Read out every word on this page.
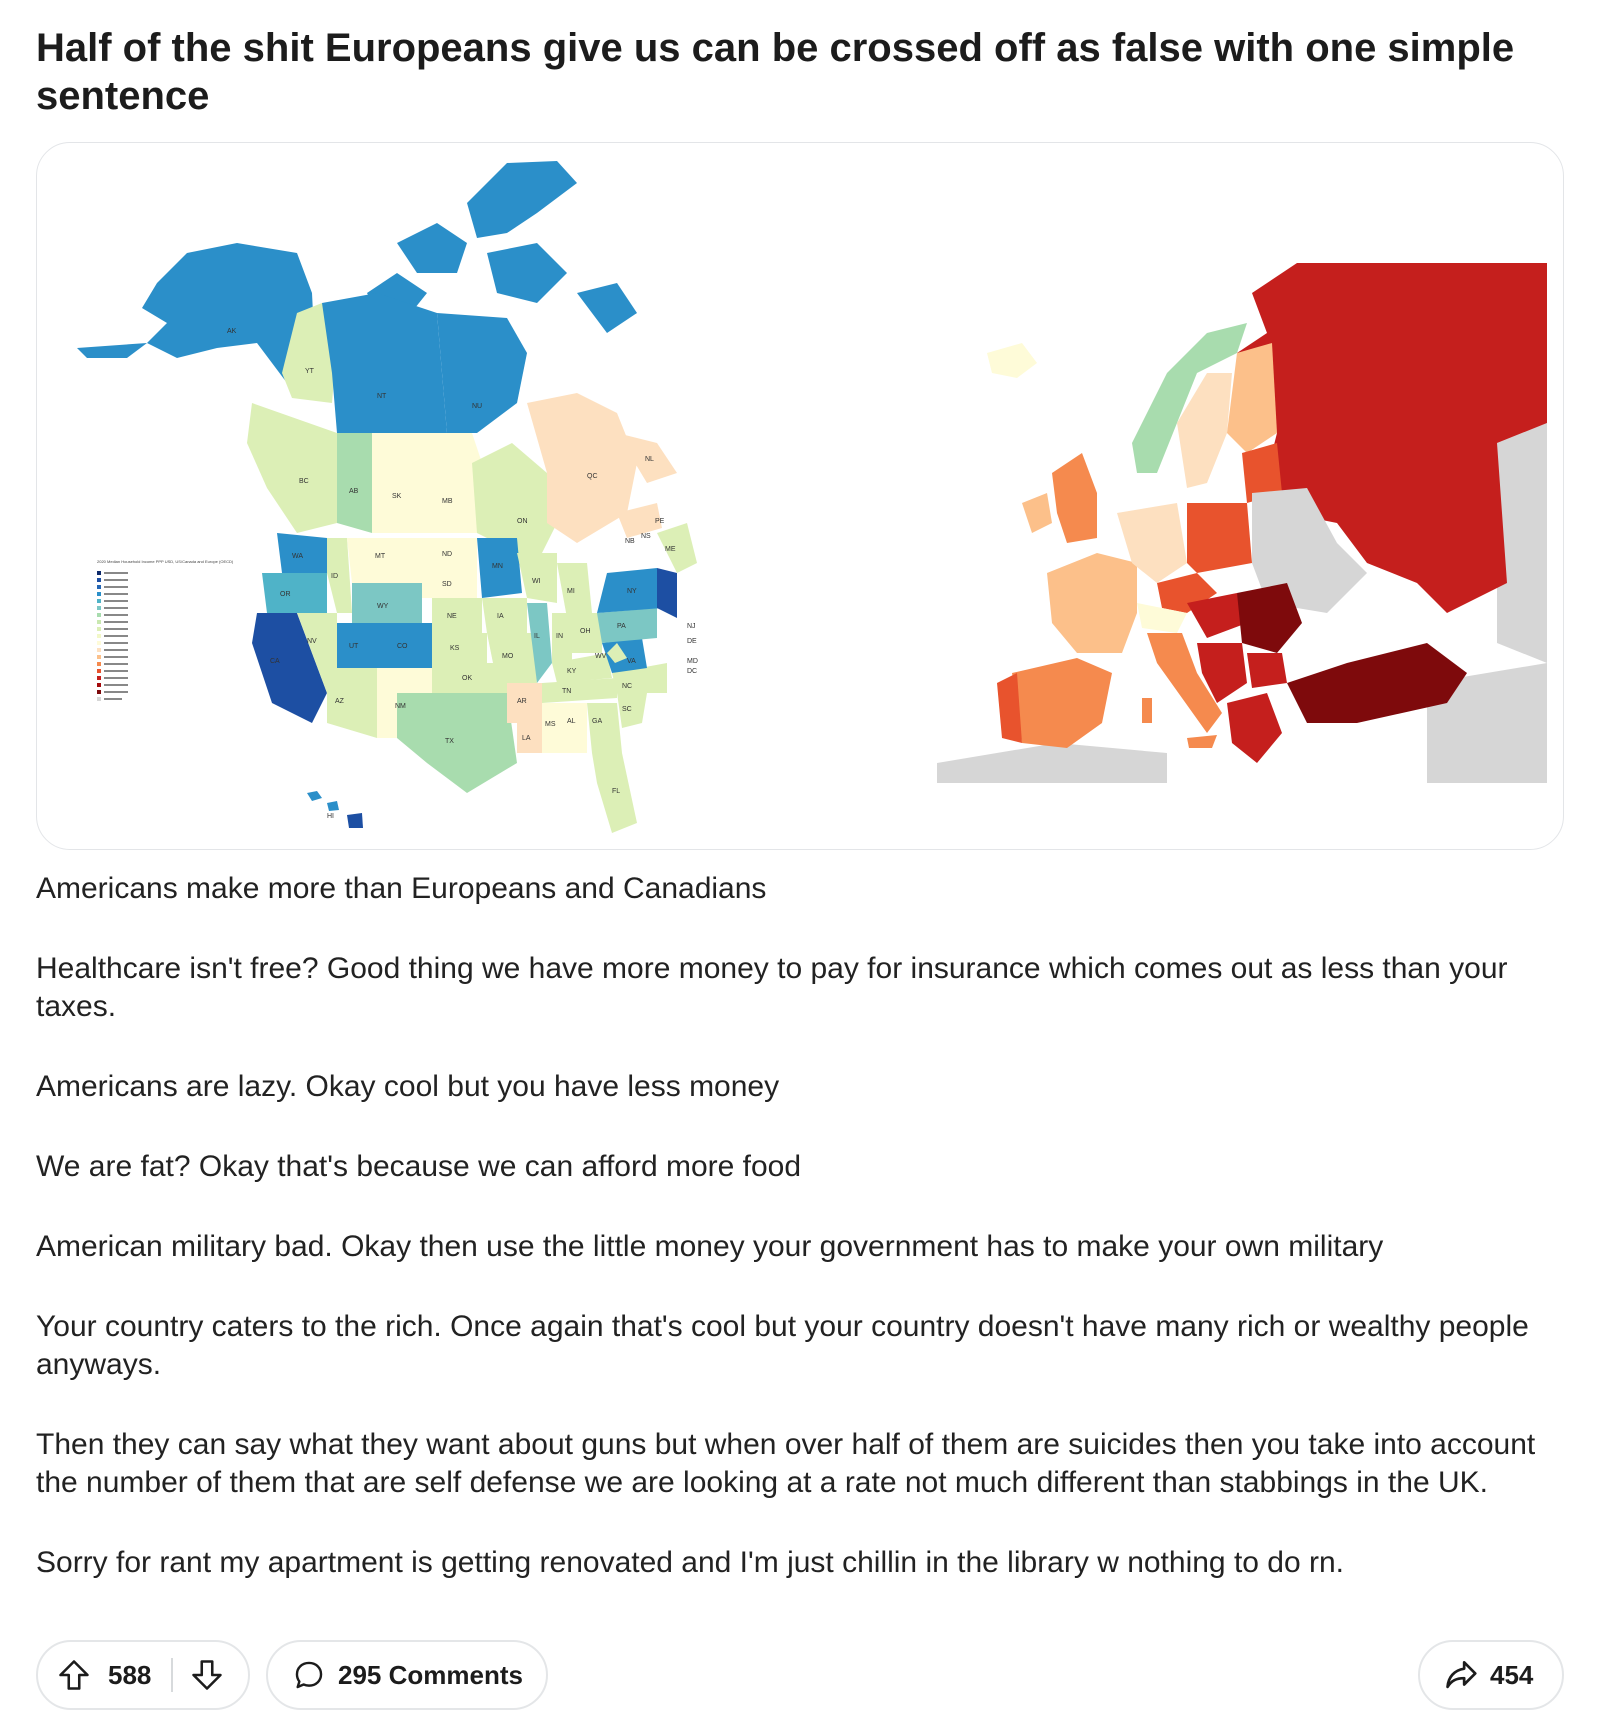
Half of the shit Europeans give us can be crossed off as false with one simple sentence
AK
YT
NT
NU
BC
AB
SK
MB
ON
QC
NL
PE
NS
NB
WA
OR
CA
NV
ID
MT
WY
UT
AZ
CO
NM
ND
SD
NE
KS
OK
TX
MN
IA
MO
AR
LA
WI
IL
MI
IN
OH
KY
TN
MS AL GA
FL
SC
NC
VA
WV
PA
NY
ME
MD
DE
NJ
DC
HI
2020 Median Household Income PPP USD, US/Canada and Europe (OECD)

Americans make more than Europeans and Canadians

Healthcare isn't free? Good thing we have more money to pay for insurance which comes out as less than your taxes.

Americans are lazy. Okay cool but you have less money

We are fat? Okay that's because we can afford more food

American military bad. Okay then use the little money your government has to make your own military

Your country caters to the rich. Once again that's cool but your country doesn't have many rich or wealthy people anyways.

Then they can say what they want about guns but when over half of them are suicides then you take into account the number of them that are self defense we are looking at a rate not much different than stabbings in the UK.

Sorry for rant my apartment is getting renovated and I'm just chillin in the library w nothing to do rn.

588	295 Comments	454
